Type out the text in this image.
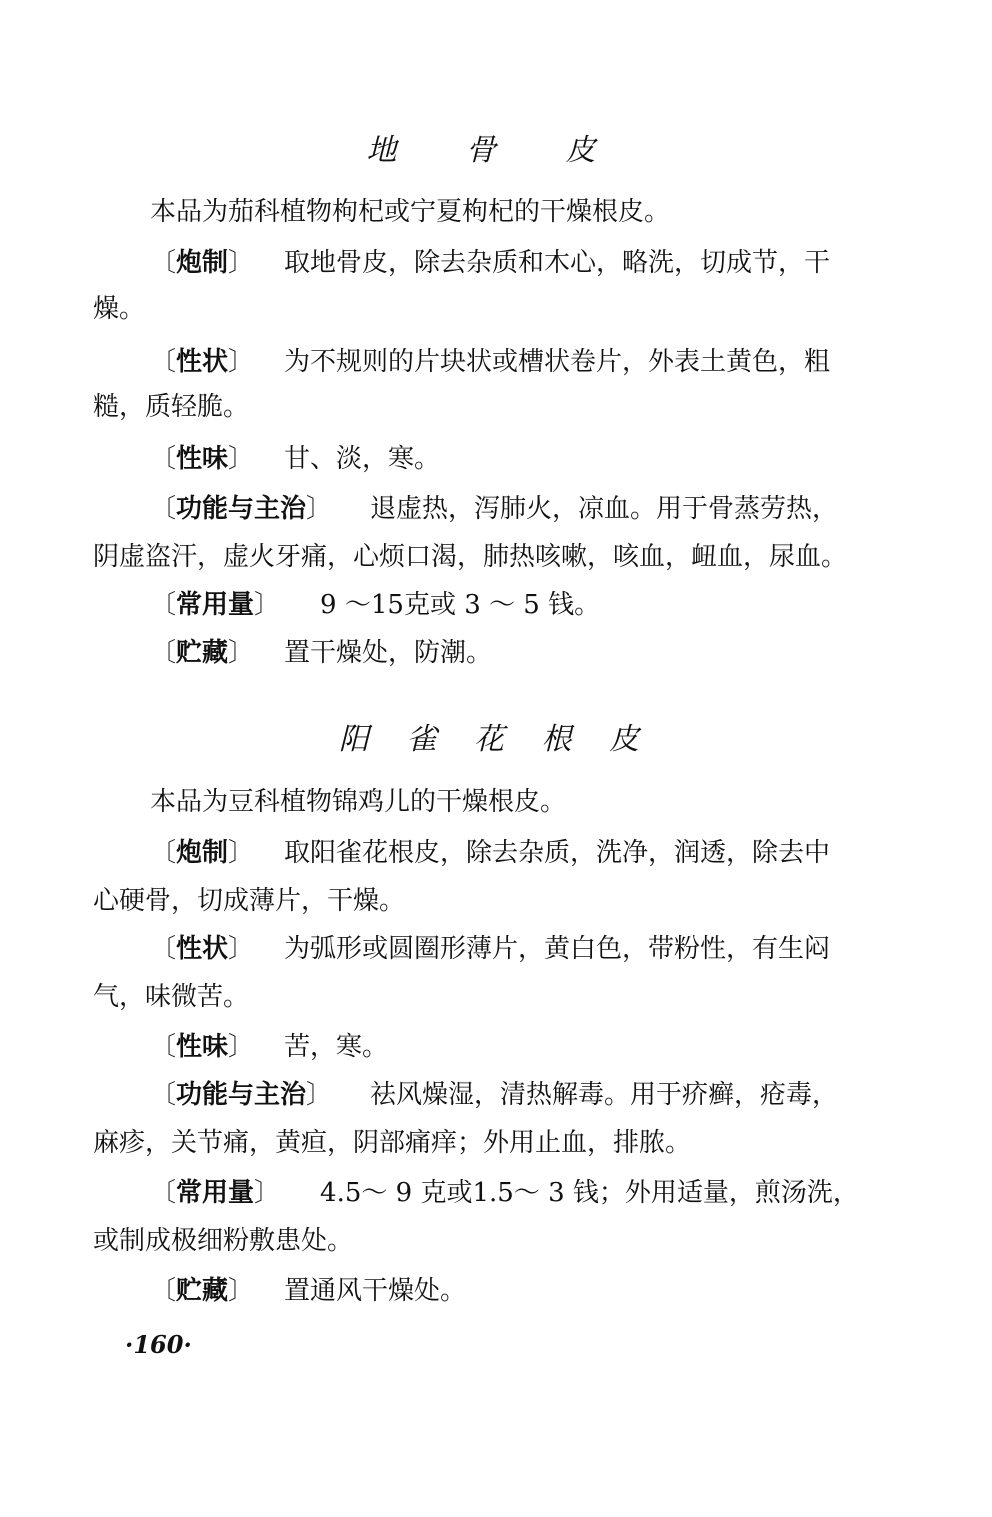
地 骨 皮
本品为茄科植物枸杞或宁夏枸杞的干燥根皮。
〔炮制〕 取地骨皮，除去杂质和木心，略洗，切成节，干
燥。
〔性状〕 为不规则的片块状或槽状卷片，外表土黄色，粗
糙，质轻脆。
〔性味〕 甘、淡，寒。
〔功能与主治〕 退虚热，泻肺火，凉血。用于骨蒸劳热，
阴虚盗汗，虚火牙痛，心烦口渴，肺热咳嗽，咳血，衄血，尿血。
〔常用量〕 9 ～15克或 3 ～ 5 钱。
〔贮藏〕 置干燥处，防潮。
阳 雀 花 根 皮
本品为豆科植物锦鸡儿的干燥根皮。
〔炮制〕 取阳雀花根皮，除去杂质，洗净，润透，除去中
心硬骨，切成薄片，干燥。
〔性状〕 为弧形或圆圈形薄片，黄白色，带粉性，有生闷
气，味微苦。
〔性味〕 苦，寒。
〔功能与主治〕 祛风燥湿，清热解毒。用于疥癣，疮毒，
麻疹，关节痛，黄疸，阴部痛痒；外用止血，排脓。
〔常用量〕 4.5～ 9 克或1.5～ 3 钱；外用适量，煎汤洗，
或制成极细粉敷患处。
〔贮藏〕 置通风干燥处。
·160·
